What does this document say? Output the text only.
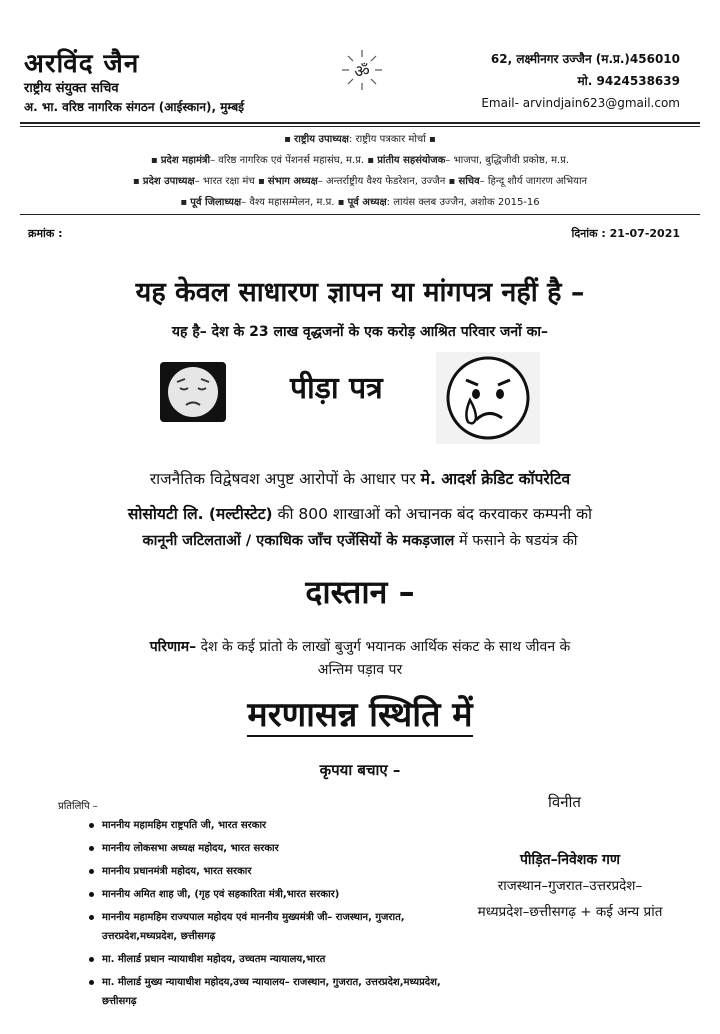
अरविंद जैन
राष्ट्रीय संयुक्त सचिव
अ. भा. वरिष्ठ नागरिक संगठन (आईस्कान), मुम्बई
ॐ
62, लक्ष्मीनगर उज्जैन (म.प्र.)456010
मो. 9424538639
Email- arvindjain623@gmail.com
▪ राष्ट्रीय उपाध्यक्ष: राष्ट्रीय पत्रकार मोर्चा ▪
▪ प्रदेश महामंत्री– वरिष्ठ नागरिक एवं पेंशनर्स महासंघ, म.प्र. ▪ प्रांतीय सहसंयोजक– भाजपा, बुद्धिजीवी प्रकोष्ठ, म.प्र.
▪ प्रदेश उपाध्यक्ष– भारत रक्षा मंच ▪ संभाग अध्यक्ष– अन्तर्राष्ट्रीय वैश्य फेडरेशन, उज्जैन ▪ सचिव– हिन्दू शौर्य जागरण अभियान
▪ पूर्व जिलाध्यक्ष– वैश्य महासम्मेलन, म.प्र. ▪ पूर्व अध्यक्ष: लायंस क्लब उज्जैन, अशोक 2015-16
क्रमांक :	दिनांक : 21-07-2021
यह केवल साधारण ज्ञापन या मांगपत्र नहीं है –
यह है– देश के 23 लाख वृद्धजनों के एक करोड़ आश्रित परिवार जनों का–
पीड़ा पत्र
राजनैतिक विद्वेषवश अपुष्ट आरोपों के आधार पर मे. आदर्श क्रेडिट कॉपरेटिव
सोसोयटी लि. (मल्टीस्टेट) की 800 शाखाओं को अचानक बंद करवाकर कम्पनी को
कानूनी जटिलताओं / एकाधिक जाँच एजेंसियों के मकड़जाल में फसाने के षडयंत्र की
दास्तान –
परिणाम– देश के कई प्रांतो के लाखों बुजुर्ग भयानक आर्थिक संकट के साथ जीवन के
अन्तिम पड़ाव पर
मरणासन्न स्थिति में
कृपया बचाए –
प्रतिलिपि –
माननीय महामहिम राष्ट्रपति जी, भारत सरकार
माननीय लोकसभा अध्यक्ष महोदय, भारत सरकार
माननीय प्रधानमंत्री महोदय, भारत सरकार
माननीय अमित शाह जी, (गृह एवं सहकारिता मंत्री,भारत सरकार)
माननीय महामहिम राज्यपाल महोदय एवं माननीय मुख्यमंत्री जी– राजस्थान, गुजरात, उत्तरप्रदेश,मध्यप्रदेश, छत्तीसगढ़
मा. मीलार्ड प्रधान न्यायाधीश महोदय, उच्चतम न्यायालय,भारत
मा. मीलार्ड मुख्य न्यायाधीश महोदय,उच्च न्यायालय– राजस्थान, गुजरात, उत्तरप्रदेश,मध्यप्रदेश, छत्तीसगढ़
विनीत
पीड़ित–निवेशक गण
राजस्थान–गुजरात–उत्तरप्रदेश–
मध्यप्रदेश–छत्तीसगढ़ + कई अन्य प्रांत
